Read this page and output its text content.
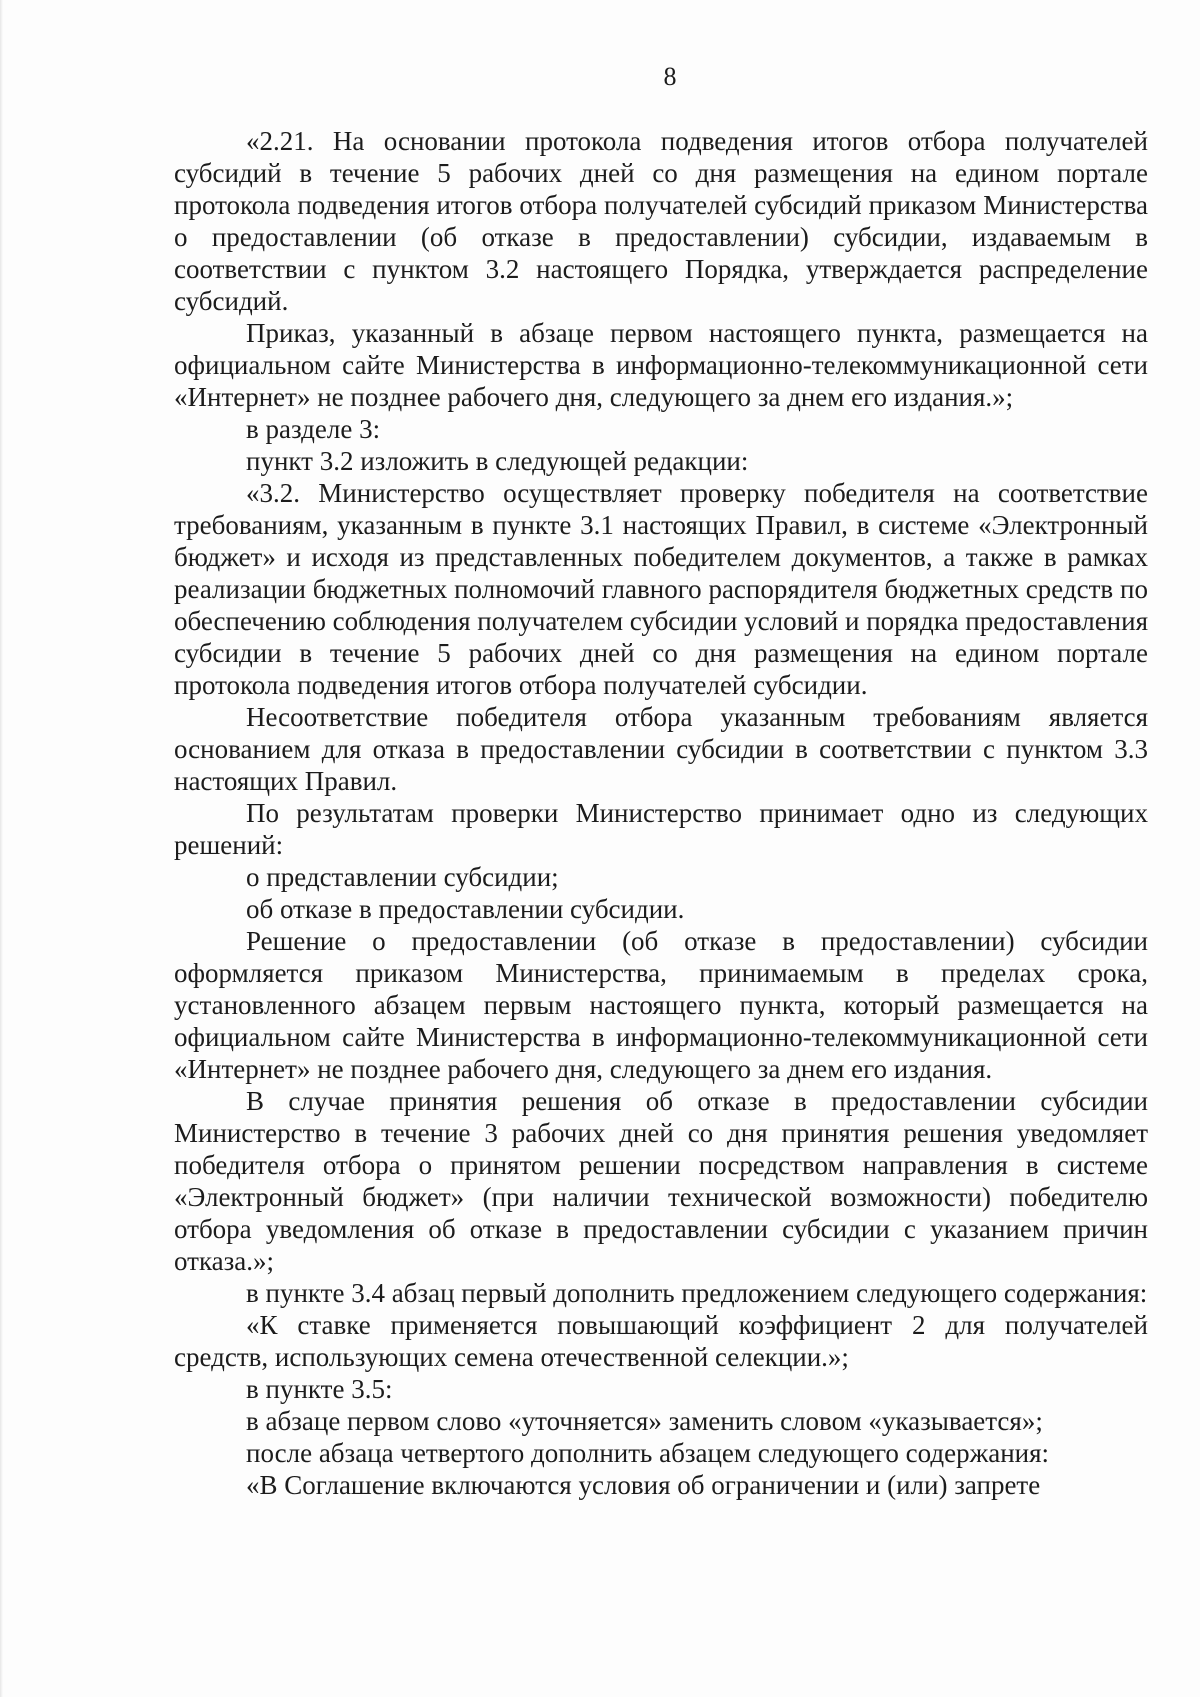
8

«2.21. На основании протокола подведения итогов отбора получателей субсидий в течение 5 рабочих дней со дня размещения на едином портале протокола подведения итогов отбора получателей субсидий приказом Министерства о предоставлении (об отказе в предоставлении) субсидии, издаваемым в соответствии с пунктом 3.2 настоящего Порядка, утверждается распределение субсидий.

Приказ, указанный в абзаце первом настоящего пункта, размещается на официальном сайте Министерства в информационно-телекоммуникационной сети «Интернет» не позднее рабочего дня, следующего за днем его издания.»;

в разделе 3:

пункт 3.2 изложить в следующей редакции:

«3.2. Министерство осуществляет проверку победителя на соответствие требованиям, указанным в пункте 3.1 настоящих Правил, в системе «Электронный бюджет» и исходя из представленных победителем документов, а также в рамках реализации бюджетных полномочий главного распорядителя бюджетных средств по обеспечению соблюдения получателем субсидии условий и порядка предоставления субсидии в течение 5 рабочих дней со дня размещения на едином портале протокола подведения итогов отбора получателей субсидии.

Несоответствие победителя отбора указанным требованиям является основанием для отказа в предоставлении субсидии в соответствии с пунктом 3.3 настоящих Правил.

По результатам проверки Министерство принимает одно из следующих решений:

о представлении субсидии;

об отказе в предоставлении субсидии.

Решение о предоставлении (об отказе в предоставлении) субсидии оформляется приказом Министерства, принимаемым в пределах срока, установленного абзацем первым настоящего пункта, который размещается на официальном сайте Министерства в информационно-телекоммуникационной сети «Интернет» не позднее рабочего дня, следующего за днем его издания.

В случае принятия решения об отказе в предоставлении субсидии Министерство в течение 3 рабочих дней со дня принятия решения уведомляет победителя отбора о принятом решении посредством направления в системе «Электронный бюджет» (при наличии технической возможности) победителю отбора уведомления об отказе в предоставлении субсидии с указанием причин отказа.»;

в пункте 3.4 абзац первый дополнить предложением следующего содержания:

«К ставке применяется повышающий коэффициент 2 для получателей средств, использующих семена отечественной селекции.»;

в пункте 3.5:

в абзаце первом слово «уточняется» заменить словом «указывается»;

после абзаца четвертого дополнить абзацем следующего содержания:

«В Соглашение включаются условия об ограничении и (или) запрете
